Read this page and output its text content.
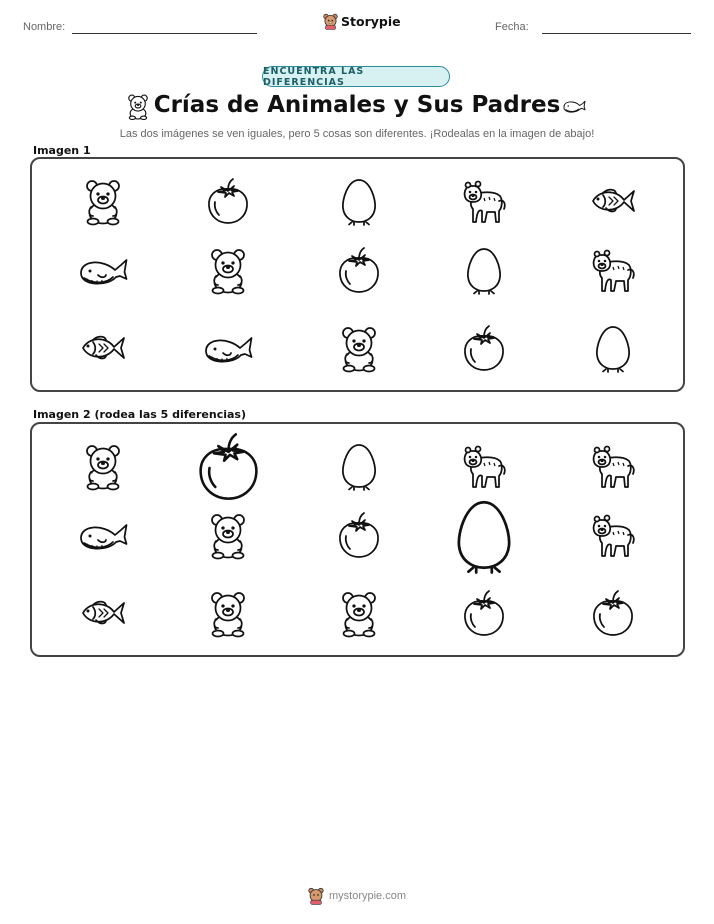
Nombre:	Storypie	Fecha:
ENCUENTRA LAS DIFERENCIAS
Crías de Animales y Sus Padres
Las dos imágenes se ven iguales, pero 5 cosas son diferentes. ¡Rodealas en la imagen de abajo!
Imagen 1
Imagen 2 (rodea las 5 diferencias)
mystorypie.com
